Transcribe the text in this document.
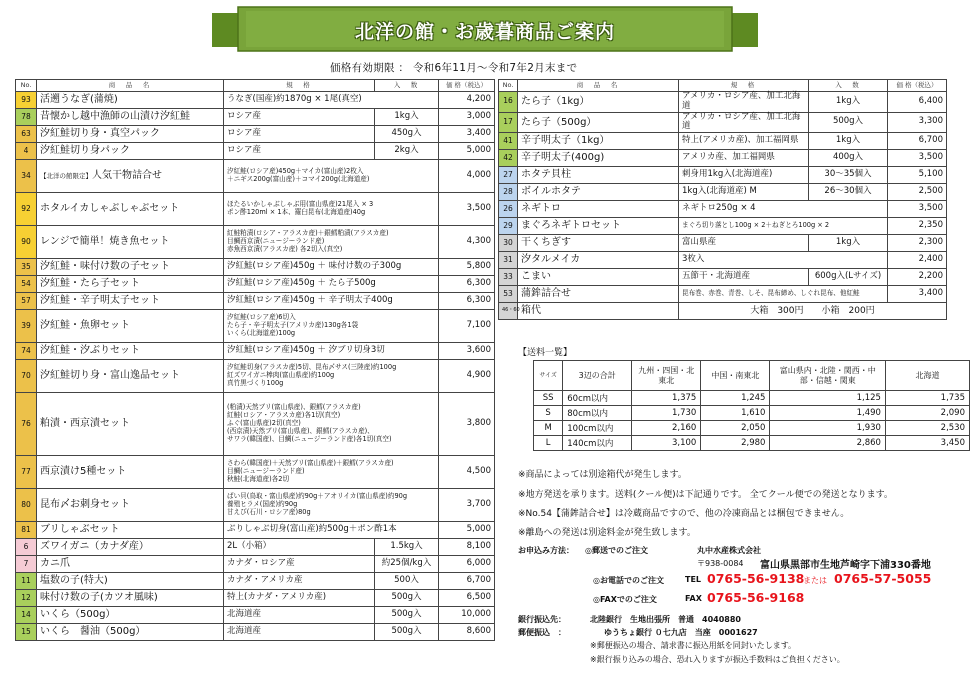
北洋の館・お歳暮商品ご案内
価格有効期限 ： 令和6年11月～令和7年2月末まで
No.	商　品　名	規　格	入　数	価 格（税込）
93	活遡うなぎ(蒲焼)	うなぎ(国産)約1870g × 1尾(真空)		4,200
78	昔懐かし越中漁師の山漬け汐紅鮭	ロシア産	1kg入	3,000
63	汐紅鮭切り身・真空パック	ロシア産	450g入	3,400
4	汐紅鮭切り身パック	ロシア産	2kg入	5,000
34	【北洋の館限定】人気干物詰合せ	汐紅鮭(ロシア産)450g＋マイカ(富山産)2枚入
＋ニギス200g(富山産)＋コマイ200g(北海道産)		4,000
92	ホタルイカしゃぶしゃぶセット	ほたるいかしゃぶしゃぶ用(富山県産)21尾入 × 3
ポン酢120ml × 1本、羅臼昆布(北海道産)40g		3,500
90	レンジで簡単！焼き魚セット	紅鮭粕漬(ロシア・アラスカ産)＋銀鱈粕漬(アラスカ産)
目鯛西京漬(ニュージーランド産)
赤魚西京漬(アラスカ産) 各2切入(真空)		4,300
35	汐紅鮭・味付け数の子セット	汐紅鮭(ロシア産)450g ＋ 味付け数の子300g		5,800
54	汐紅鮭・たら子セット	汐紅鮭(ロシア産)450g ＋ たら子500g		6,300
57	汐紅鮭・辛子明太子セット	汐紅鮭(ロシア産)450g ＋ 辛子明太子400g		6,300
39	汐紅鮭・魚卵セット	汐紅鮭(ロシア産)6切入
たら子・辛子明太子(アメリカ産)130g各1袋
いくら(北海道産)100g		7,100
74	汐紅鮭・汐ぶりセット	汐紅鮭(ロシア産)450g ＋ 汐ブリ切身3切		3,600
70	汐紅鮭切り身・富山逸品セット	汐紅鮭切身(アラスカ産)5切、昆布〆サス(三陸産)約100g
紅ズワイガニ棒肉(富山県産)約100g
真竹黒づくり100g		4,900
76	粕漬・西京漬セット	(粕漬)天然ブリ(富山県産)、銀鱈(アラスカ産)
紅鮭(ロシア・アラスカ産)各1切(真空)
ふぐ(富山県産)2切(真空)
(西京漬)天然ブリ(富山県産)、銀鱈(アラスカ産)、
サワラ(韓国産)、目鯛(ニュージーランド産)各1切(真空)		3,800
77	西京漬け5種セット	さわら(韓国産)＋天然ブリ(富山県産)＋銀鱈(アラスカ産)
目鯛(ニュージーランド産)
秋鮭(北海道産)各2切		4,500
80	昆布〆お刺身セット	ばい貝(鳥取・富山県産)約90g＋アオリイカ(富山県産)約90g
養殖ヒラメ(国産)約90g
甘えび(石川・ロシア産)80g		3,700
81	ブリしゃぶセット	ぶりしゃぶ切身(富山産)約500g＋ポン酢1本		5,000
6	ズワイガニ（カナダ産）	2L（小箱）	1.5kg入	8,100
7	カニ爪	カナダ・ロシア産	約25個/kg入	6,000
11	塩数の子(特大)	カナダ・アメリカ産	500入	6,700
12	味付け数の子(カツオ風味)	特上(カナダ・アメリカ産)	500g入	6,500
14	いくら（500g）	北海道産	500g入	10,000
15	いくら　醤油（500g）	北海道産	500g入	8,600
No.	商　品　名	規　格	入　数	価 格（税込）	
16	たら子（1kg）	アメリカ・ロシア産、加工北海道	1kg入	6,400	
17	たら子（500g）	アメリカ・ロシア産、加工北海道	500g入	3,300	
41	辛子明太子（1kg）	特上(アメリカ産)、加工福岡県	1kg入	6,700	
42	辛子明太子(400g)	アメリカ産、加工福岡県	400g入	3,500	
27	ホタテ貝柱	刺身用1kg入(北海道産)	30～35個入	5,100	
28	ボイルホタテ	1kg入(北海道産) M	26～30個入	2,500	
26	ネギトロ	ネギトロ250g × 4		3,500	
29	まぐろネギトロセット	まぐろ切り落とし100g × 2＋ねぎとろ100g × 2		2,350	
30	干くちぎす	富山県産	1kg入	2,300	
31	汐タルメイカ	3枚入		2,400	
33	こまい	五節干・北海道産	600g入(Lサイズ)	2,200	
53	蒲鉾詰合せ	昆布巻、赤巻、青巻、しそ、昆布締め、しぐれ昆布、他紅鮭		3,400	
46・60	箱代	大箱　300円　　小箱　200円			
【送料一覧】
サイズ	3辺の合計	九州・四国・北東北	中国・南東北	富山県内・北陸・関西・中部・信越・関東	北海道
SS	60cm以内	1,375	1,245	1,125	1,735
S	80cm以内	1,730	1,610	1,490	2,090
M	100cm以内	2,160	2,050	1,930	2,530
L	140cm以内	3,100	2,980	2,860	3,450
※商品によっては別途箱代が発生します。
※地方発送を承ります。送料(クール便)は下記通りです。 全てクール便での発送となります。
※No.54【蒲鉾詰合せ】は冷蔵商品ですので、他の冷凍商品とは梱包できません。
※離島への発送は別途料金が発生致します。
お申込み方法： ◎郵送でのご注文	丸中水産株式会社
〒938-0084 富山県黒部市生地芦崎字下浦330番地
◎お電話でのご注文	TEL 0765-56-9138
または 0765-57-5055
◎FAXでのご注文	FAX 0765-56-9168
銀行振込先：
郵便振込　：
北陸銀行　生地出張所　普通　4040880
ゆうちょ銀行 ０七九店　当座　0001627
※郵便振込の場合、請求書に振込用紙を同封いたします。
※銀行振り込みの場合、恐れ入りますが振込手数料はご負担ください。
